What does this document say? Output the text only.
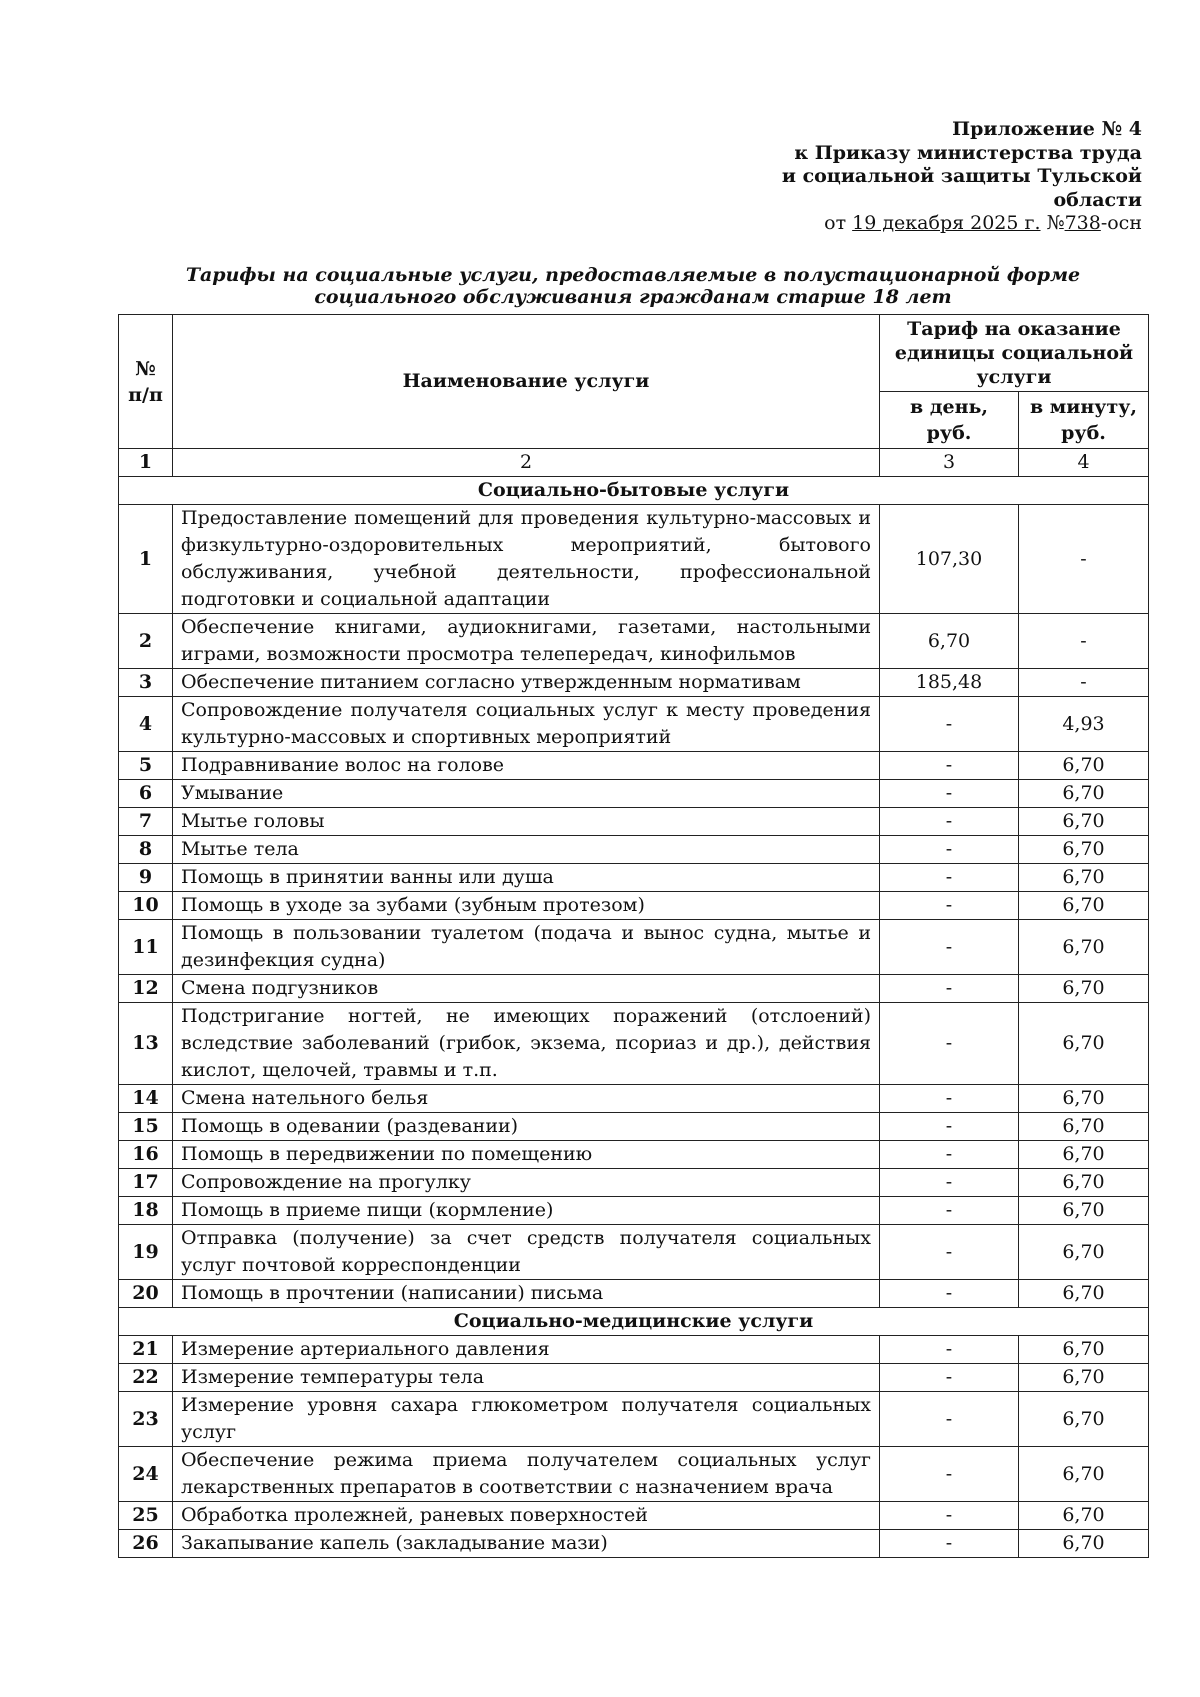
Приложение № 4
к Приказу министерства труда
и социальной защиты Тульской
области
от 19 декабря 2025 г. №738-осн
Тарифы на социальные услуги, предоставляемые в полустационарной форме социального обслуживания гражданам старше 18 лет
№ п/п	Наименование услуги	Тариф на оказание единицы социальной услуги	
		в день, руб.	в минуту, руб.
1	2	3	4
Социально-бытовые услуги			
1	Предоставление помещений для проведения культурно-массовых и физкультурно-оздоровительных мероприятий, бытового обслуживания, учебной деятельности, профессиональной подготовки и социальной адаптации	107,30	-
2	Обеспечение книгами, аудиокнигами, газетами, настольными играми, возможности просмотра телепередач, кинофильмов	6,70	-
3	Обеспечение питанием согласно утвержденным нормативам	185,48	-
4	Сопровождение получателя социальных услуг к месту проведения культурно-массовых и спортивных мероприятий	-	4,93
5	Подравнивание волос на голове	-	6,70
6	Умывание	-	6,70
7	Мытье головы	-	6,70
8	Мытье тела	-	6,70
9	Помощь в принятии ванны или душа	-	6,70
10	Помощь в уходе за зубами (зубным протезом)	-	6,70
11	Помощь в пользовании туалетом (подача и вынос судна, мытье и дезинфекция судна)	-	6,70
12	Смена подгузников	-	6,70
13	Подстригание ногтей, не имеющих поражений (отслоений) вследствие заболеваний (грибок, экзема, псориаз и др.), действия кислот, щелочей, травмы и т.п.	-	6,70
14	Смена нательного белья	-	6,70
15	Помощь в одевании (раздевании)	-	6,70
16	Помощь в передвижении по помещению	-	6,70
17	Сопровождение на прогулку	-	6,70
18	Помощь в приеме пищи (кормление)	-	6,70
19	Отправка (получение) за счет средств получателя социальных услуг почтовой корреспонденции	-	6,70
20	Помощь в прочтении (написании) письма	-	6,70
Социально-медицинские услуги			
21	Измерение артериального давления	-	6,70
22	Измерение температуры тела	-	6,70
23	Измерение уровня сахара глюкометром получателя социальных услуг	-	6,70
24	Обеспечение режима приема получателем социальных услуг лекарственных препаратов в соответствии с назначением врача	-	6,70
25	Обработка пролежней, раневых поверхностей	-	6,70
26	Закапывание капель (закладывание мази)	-	6,70
